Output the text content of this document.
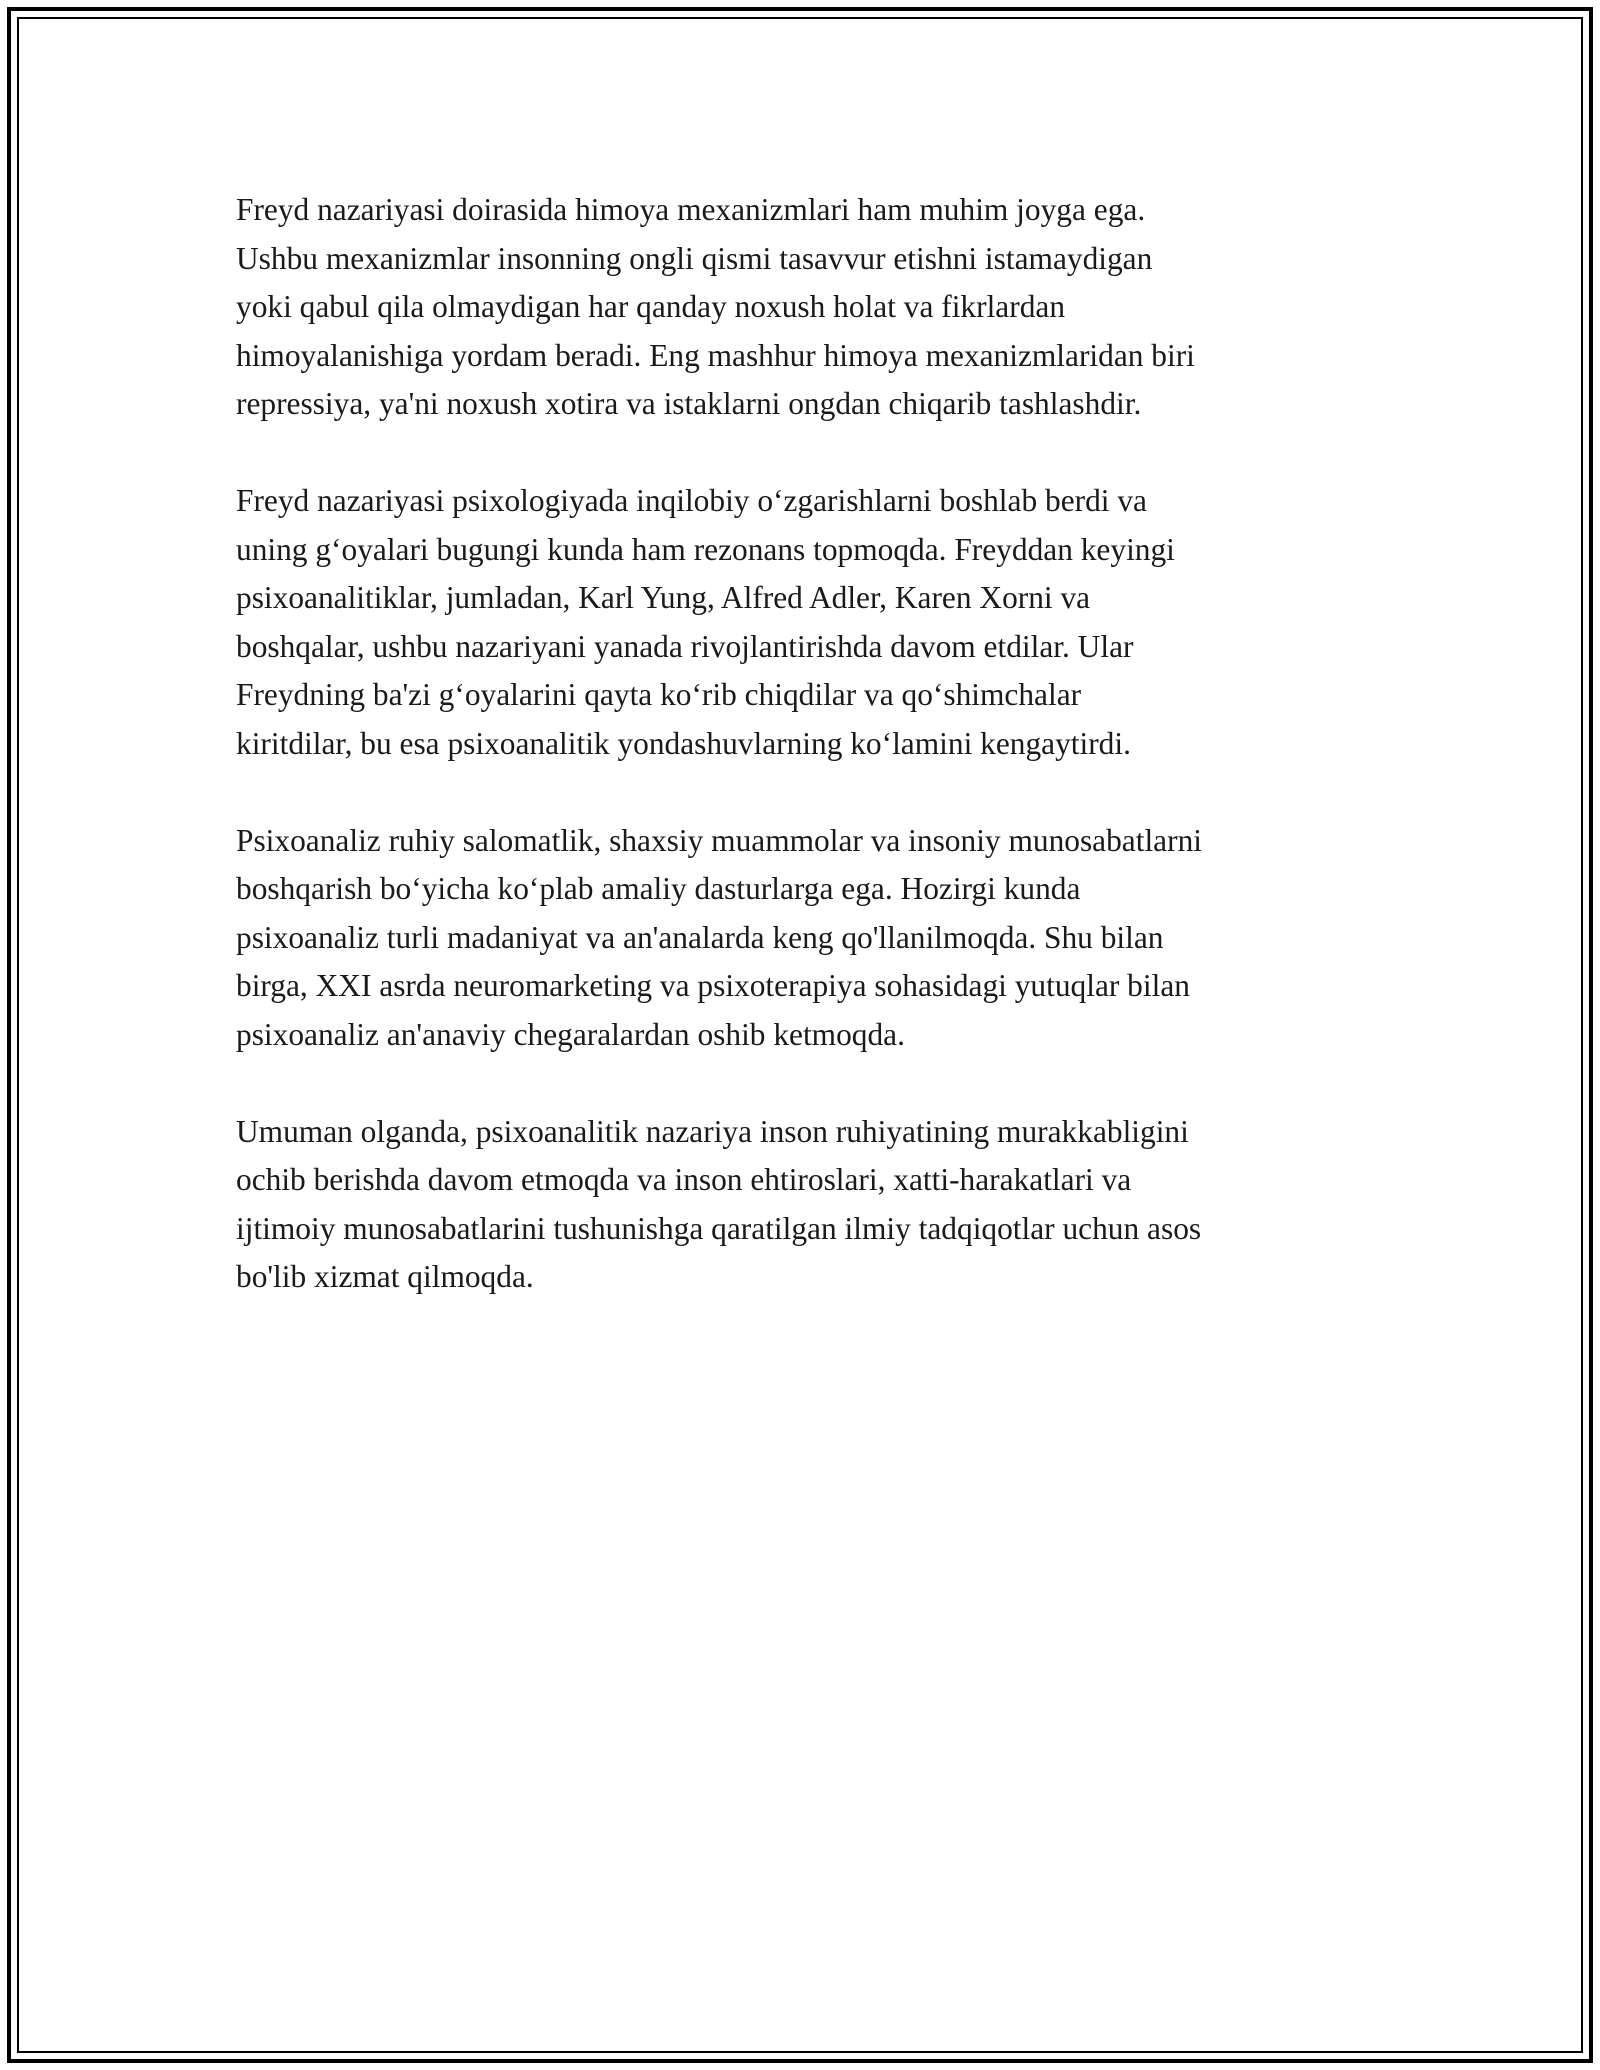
Freyd nazariyasi doirasida himoya mexanizmlari ham muhim joyga ega.
Ushbu mexanizmlar insonning ongli qismi tasavvur etishni istamaydigan
yoki qabul qila olmaydigan har qanday noxush holat va fikrlardan
himoyalanishiga yordam beradi. Eng mashhur himoya mexanizmlaridan biri
repressiya, ya'ni noxush xotira va istaklarni ongdan chiqarib tashlashdir.

Freyd nazariyasi psixologiyada inqilobiy o‘zgarishlarni boshlab berdi va
uning g‘oyalari bugungi kunda ham rezonans topmoqda. Freyddan keyingi
psixoanalitiklar, jumladan, Karl Yung, Alfred Adler, Karen Xorni va
boshqalar, ushbu nazariyani yanada rivojlantirishda davom etdilar. Ular
Freydning ba'zi g‘oyalarini qayta ko‘rib chiqdilar va qo‘shimchalar
kiritdilar, bu esa psixoanalitik yondashuvlarning ko‘lamini kengaytirdi.

Psixoanaliz ruhiy salomatlik, shaxsiy muammolar va insoniy munosabatlarni
boshqarish bo‘yicha ko‘plab amaliy dasturlarga ega. Hozirgi kunda
psixoanaliz turli madaniyat va an'analarda keng qo'llanilmoqda. Shu bilan
birga, XXI asrda neuromarketing va psixoterapiya sohasidagi yutuqlar bilan
psixoanaliz an'anaviy chegaralardan oshib ketmoqda.

Umuman olganda, psixoanalitik nazariya inson ruhiyatining murakkabligini
ochib berishda davom etmoqda va inson ehtiroslari, xatti-harakatlari va
ijtimoiy munosabatlarini tushunishga qaratilgan ilmiy tadqiqotlar uchun asos
bo'lib xizmat qilmoqda.
